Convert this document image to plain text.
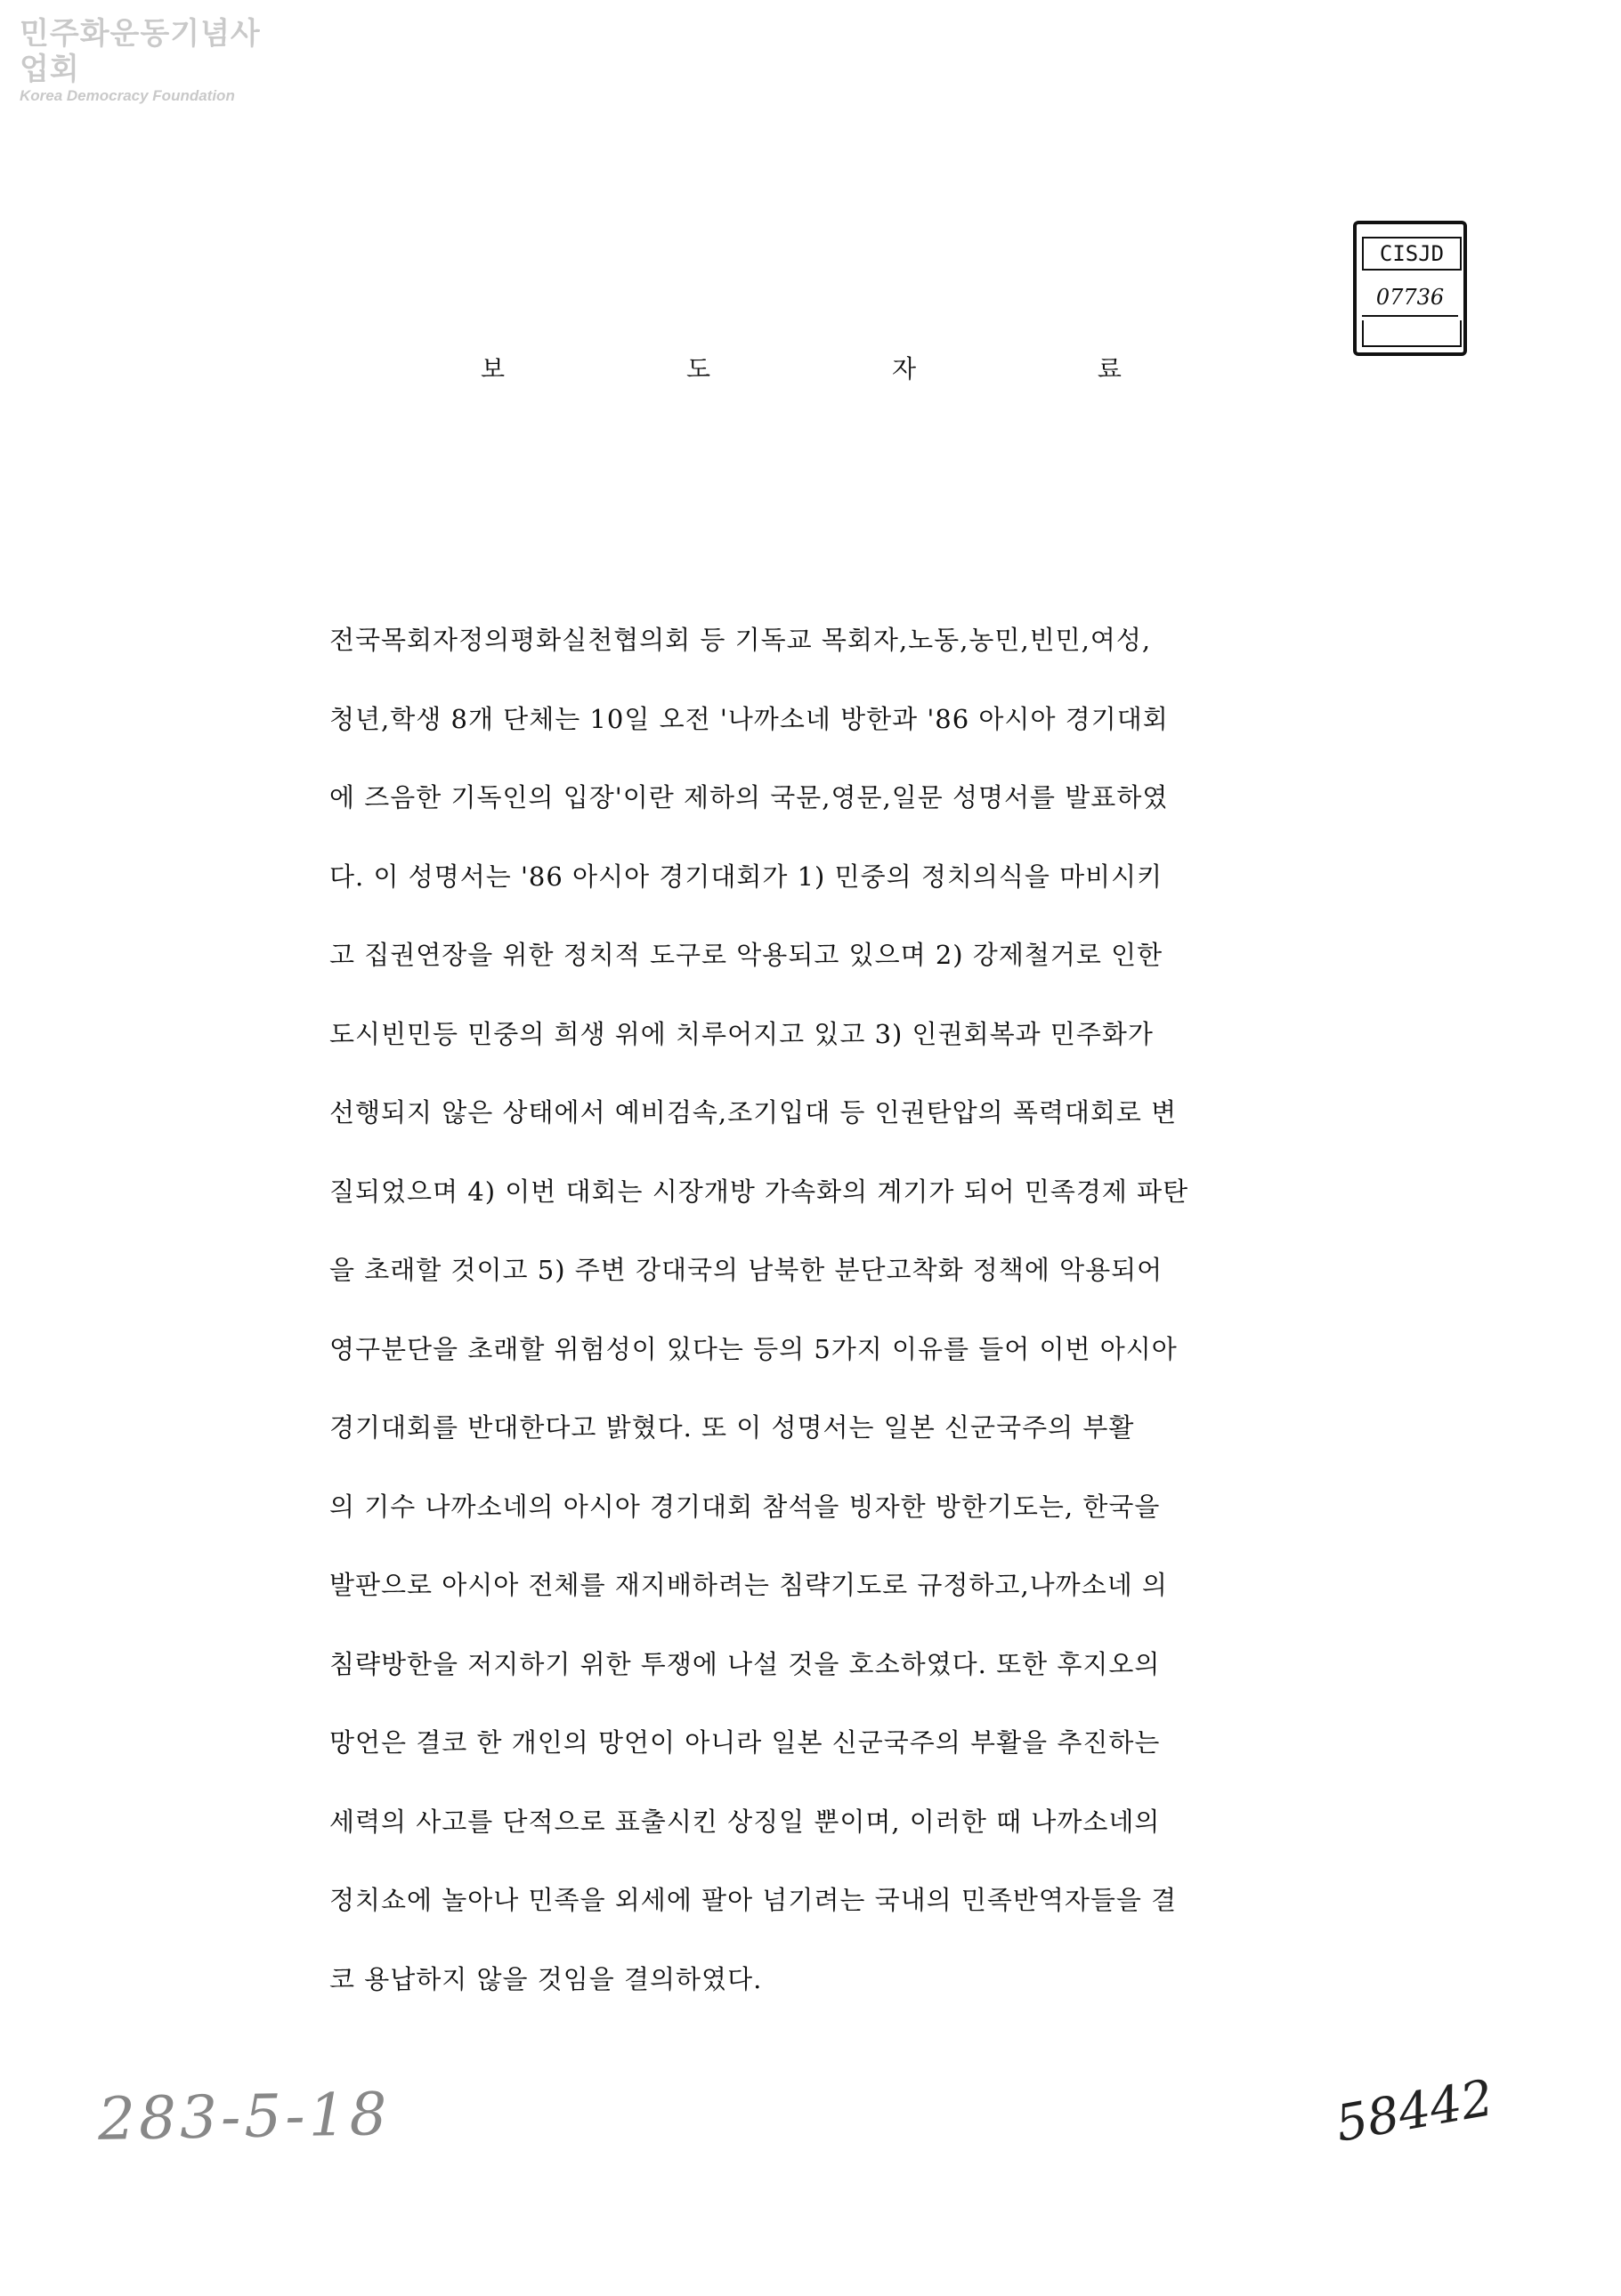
민주화운동기념사업회
Korea Democracy Foundation
CISJD
07736
보	도	자	료
전국목회자정의평화실천협의회 등 기독교 목회자,노동,농민,빈민,여성,
청년,학생 8개 단체는 10일 오전 '나까소네 방한과 '86 아시아 경기대회
에 즈음한 기독인의 입장'이란 제하의 국문,영문,일문 성명서를 발표하였
다. 이 성명서는 '86 아시아 경기대회가 1) 민중의 정치의식을 마비시키
고 집권연장을 위한 정치적 도구로 악용되고 있으며 2) 강제철거로 인한
도시빈민등 민중의 희생 위에 치루어지고 있고 3) 인권회복과 민주화가
선행되지 않은 상태에서 예비검속,조기입대 등 인권탄압의 폭력대회로 변
질되었으며 4) 이번 대회는 시장개방 가속화의 계기가 되어 민족경제 파탄
을 초래할 것이고 5) 주변 강대국의 남북한 분단고착화 정책에 악용되어
영구분단을 초래할 위험성이 있다는 등의 5가지 이유를 들어 이번 아시아
경기대회를 반대한다고 밝혔다. 또 이 성명서는 일본 신군국주의 부활
의 기수 나까소네의 아시아 경기대회 참석을 빙자한 방한기도는, 한국을
발판으로 아시아 전체를 재지배하려는 침략기도로 규정하고,나까소네 의
침략방한을 저지하기 위한 투쟁에 나설 것을 호소하였다. 또한 후지오의
망언은 결코 한 개인의 망언이 아니라 일본 신군국주의 부활을 추진하는
세력의 사고를 단적으로 표출시킨 상징일 뿐이며, 이러한 때 나까소네의
정치쇼에 놀아나 민족을 외세에 팔아 넘기려는 국내의 민족반역자들을 결
코 용납하지 않을 것임을 결의하였다.
283-5-18	58442
